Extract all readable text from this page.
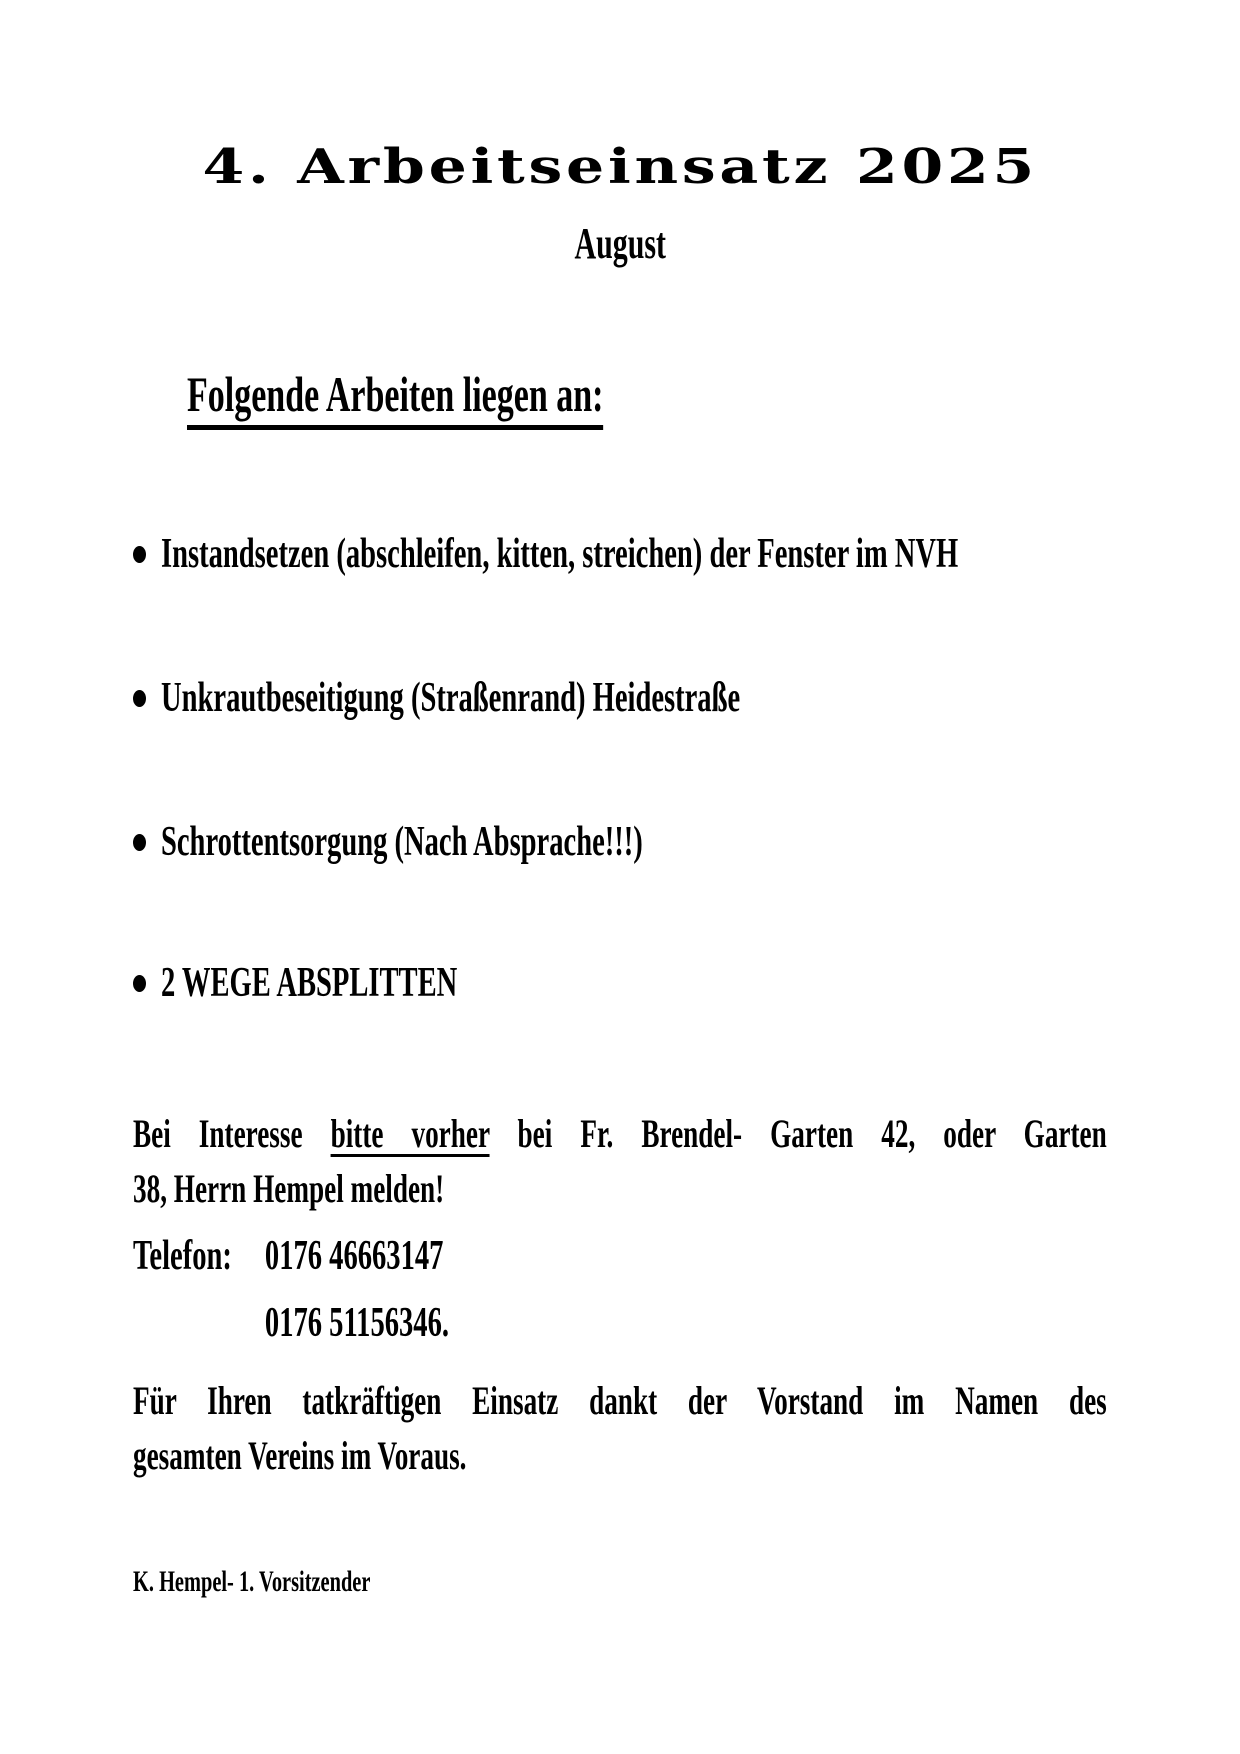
4. Arbeitseinsatz 2025
August
Folgende Arbeiten liegen an:
Instandsetzen (abschleifen, kitten, streichen) der Fenster im NVH
Unkrautbeseitigung (Straßenrand) Heidestraße
Schrottentsorgung (Nach Absprache!!!)
2 WEGE ABSPLITTEN
Bei Interesse bitte vorher bei Fr. Brendel- Garten 42, oder Garten
38, Herrn Hempel melden!
Telefon: 0176 46663147
0176 51156346.
Für Ihren tatkräftigen Einsatz dankt der Vorstand im Namen des
gesamten Vereins im Voraus.
K. Hempel- 1. Vorsitzender
